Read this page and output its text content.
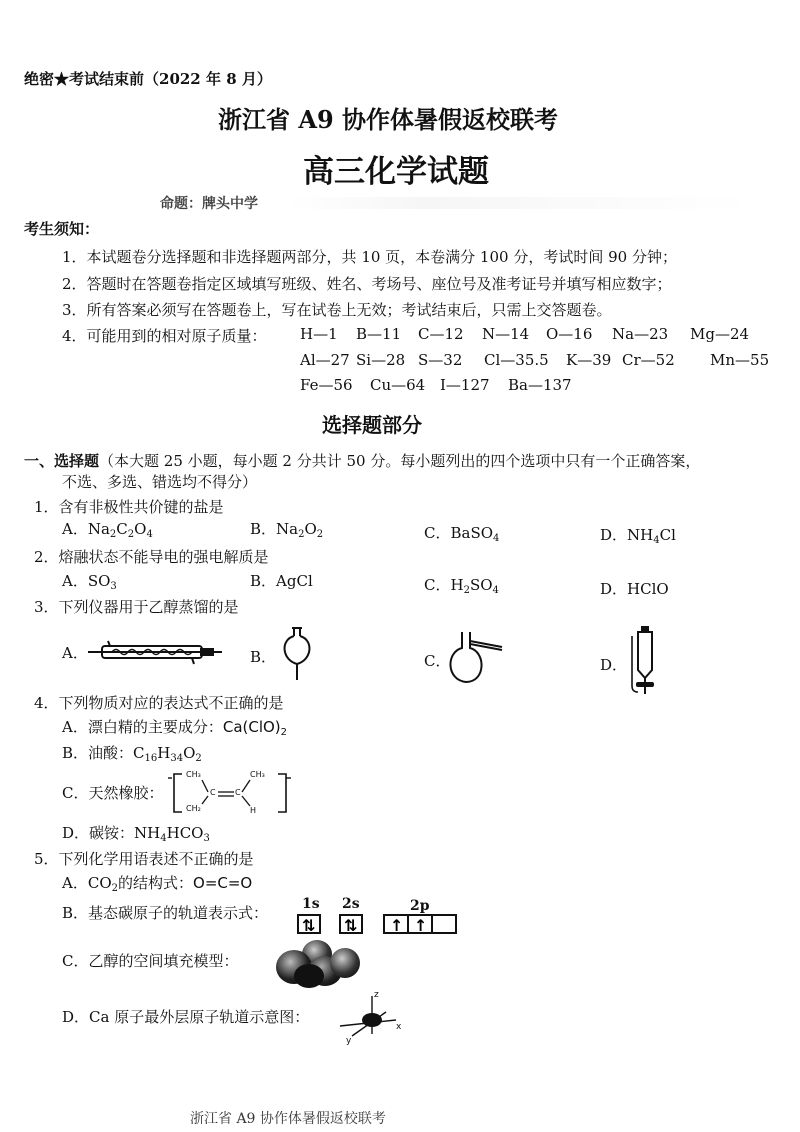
绝密★考试结束前（2022 年 8 月）
浙江省 A9 协作体暑假返校联考
高三化学试题
命题：牌头中学
考生须知：
1．本试题卷分选择题和非选择题两部分，共 10 页，本卷满分 100 分，考试时间 90 分钟；
2．答题时在答题卷指定区域填写班级、姓名、考场号、座位号及准考证号并填写相应数字；
3．所有答案必须写在答题卷上，写在试卷上无效；考试结束后，只需上交答题卷。
4．可能用到的相对原子质量： H—1 B—11 C—12 N—14 O—16 Na—23 Mg—24
Al—27 Si—28 S—32 Cl—35.5 K—39 Cr—52 Mn—55
Fe—56 Cu—64 I—127 Ba—137
选择题部分
一、选择题（本大题 25 小题，每小题 2 分共计 50 分。每小题列出的四个选项中只有一个正确答案，
不选、多选、错选均不得分）
1．含有非极性共价键的盐是
A．$Na_2C_2O_4$	B．$Na_2O_2$	C．BaSO$_4$	D．$NH_4Cl$
2．熔融状态不能导电的强电解质是
A．$SO_3$	B．AgCl	C．$H_2SO_4$	D．HClO
3．下列仪器用于乙醇蒸馏的是
A．	B．	C．	D．
4．下列物质对应的表达式不正确的是
A．漂白精的主要成分：$Ca(ClO)_2$
B．油酸：$C_{16}H_{34}O_2$
C．天然橡胶：
CH₃
CH₂
C C
CH₃
H
D．碳铵：$NH_4HCO_3$
5．下列化学用语表述不正确的是
A．$CO_2$的结构式：O=C=O
B．基态碳原子的轨道表示式： 1s 2s	2p
⇅ ⇅ ↑ ↑
C．乙醇的空间填充模型：
D．Ca 原子最外层原子轨道示意图：
z
x
y
浙江省 A9 协作体暑假返校联考
